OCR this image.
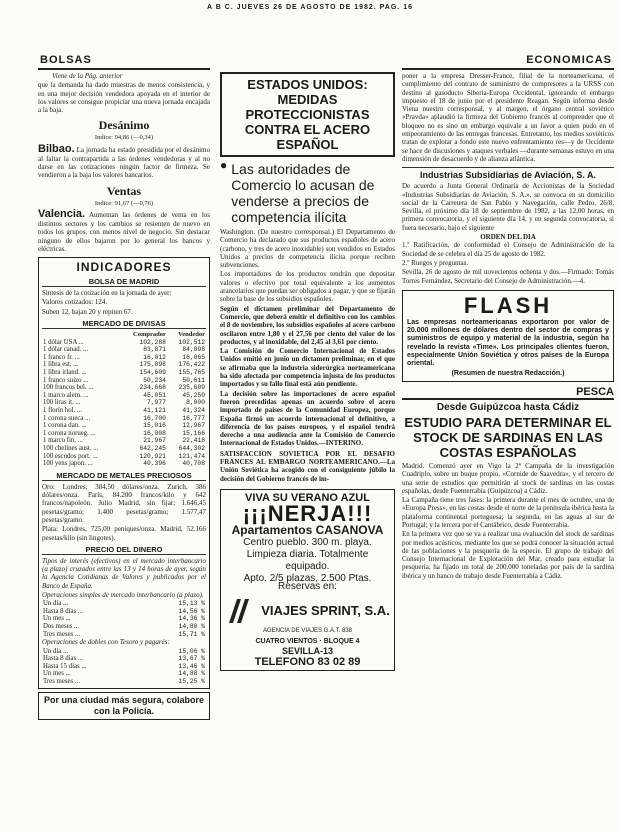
A B C. JUEVES 26 DE AGOSTO DE 1982. PAG. 16
BOLSAS	ECONOMICAS

Viene de la Pág. anterior

que la demanda ha dado muestras de menos consistencia, y en una mejor decisión vendedora apoyada en el interior de los valores se consigue propiciar una nueva jornada encajada a la baja.

Desánimo
Indice: 94,86 (—0,34)

Bilbao. La jornada ha estado presidida por el desánimo al faltar la contrapartida a las órdenes vendedoras y al no darse en las cotizaciones ningún factor de firmeza. Se vendieron a la baja los valores bancarios.

Ventas
Indice: 91,67 (—0,76)

Valencia. Aumentan las órdenes de venta en los distintos sectores y los cambios se resienten de nuevo en todos los grupos, con menos nivel de negocio. Sin destacar ninguno de ellos bajaron por lo general los bancos y eléctricas.

INDICADORES
BOLSA DE MADRID

Sintesis de la cotización en la jornada de ayer:

Valores cotizados: 124.

Suben 12, bajan 20 y repiten 67.

MERCADO DE DIVISAS
	Comprador	Vendedor
1 dólar USA ...	102,288	102,512
1 dólar canad. ...	83,871	84,098
1 franco fr. ...	16,012	16,065
1 libra est. ...	175,898	176,422
1 libra irland. ...	154,609	155,765
1 franco suizo ...	50,234	50,611
100 francos bel. ...	234,668	235,609
1 marco alem. ...	45,051	45,250
100 liras it. ...	7,977	8,000
1 florín hol. ...	41,121	41,324
1 corona sueca ...	16,700	16,777
1 corona dan. ...	15,016	12,967
1 corona norueg. ...	16,008	15,166
1 marco fin. ...	21,967	22,418
100 chelines aust. ...	642,245	644,302
100 escudos port. ...	120,921	121,474
100 yens japon. ...	40,396	40,708
MERCADO DE METALES PRECIOSOS

Oro: Londres, 384,50 dólares/onza. Zurich, 386 dólares/onza. París, 84.200 francos/kilo y 642 francos/napoleón. Julio Madrid, sin fijar; 1.646,45 pesetas/gramo; 1.400 pesetas/gramo; 1.577,47 pesetas/gramo.

Plata: Londres, 725,00 peniques/onza. Madrid, 52.166 pesetas/kilo (sin lingotes).

PRECIO DEL DINERO

Tipos de interés (efectivos) en el mercado interbancario (a plazo) cruzados entre las 13 y 14 horas de ayer, según la Agencia Cotidianas de Valores y publicados por el Banco de España.

Operaciones simples de mercado interbancario (a plazo).

Un día ...	15,13 %
Hasta 8 días ...	14,56 %
Un mes ...	14,36 %
Dos meses ...	14,80 %
Tres meses ...	15,71 %

Operaciones de dobles con Tesoro y pagarés:

Un día ...	15,06 %
Hasta 8 días ...	13,67 %
Hasta 15 días ...	13,46 %
Un mes ...	14,88 %
Tres meses ...	15,25 %
Por una ciudad más segura, colabore con la Policía.
ESTADOS UNIDOS: MEDIDAS PROTECCIONISTAS CONTRA EL ACERO ESPAÑOL
● Las autoridades de Comercio lo acusan de venderse a precios de competencia ilícita

Washington. (De nuestro corresponsal.) El Departamento de Comercio ha declarado que sus productos españoles de acero (carbono, y tres de acero inoxidable) son vendidos en Estados Unidos a precios de competencia ilícita porque reciben subvenciones.

Los importadores de los productos tendrán que depositar valores o efectivo por total equivalente a los aumentos arancelarios que puedan ser obligados a pagar, y que se fijarán sobre la base de los subsidios españoles.

Según el dictamen preliminar del Departamento de Comercio, que deberá emitir el definitivo con los cambios el 8 de noviembre, los subsidios españoles al acero carbono oscilaron entre 1,80 y el 27,56 por ciento del valor de los productos, y al inoxidable, del 2,45 al 3,61 por ciento.

La Comisión de Comercio Internacional de Estados Unidos emitió en junio un dictamen preliminar, en el que se afirmaba que la industria siderúrgica norteamericana ha sido afectada por competencia injusta de los productos importados y su fallo final está aún pendiente.

La decisión sobre las importaciones de acero español fueron precedidas apenas un acuerdo sobre el acero importado de países de la Comunidad Europea, porque España firmó un acuerdo internacional el definitivo, a diferencia de los países europeos, y el español tendrá derecho a una audiencia ante la Comisión de Comercio Internacional de Estados Unidos.—INTERINO.

SATISFACCION SOVIETICA POR EL DESAFIO FRANCES AL EMBARGO NORTEAMERICANO.—La Unión Soviética ha acogido con el consiguiente júbilo la decisión del Gobierno francés de im-

VIVA SU VERANO AZUL
¡¡¡NERJA!!!
Apartamentos CASANOVA
Centro pueblo. 300 m. playa. Limpieza diaria. Totalmente equipado.
Apto. 2/5 plazas, 2.500 Ptas.
Reservas en:
VIAJES SPRINT, S.A.
AGENCIA DE VIAJES G.A.T. 838
CUATRO VIENTOS · BLOQUE 4
SEVILLA-13
TELEFONO 83 02 89

poner a la empresa Dresser-France, filial de la norteamericana, el cumplimiento del contrato de suministro de compresores a la URSS con destino al gasoducto Siberia-Europa Occidental, ignorando el embargo impuesto el 18 de junio por el presidente Reagan. Según informa desde Viena nuestro corresponsal, y al margen, el órgano central soviético «Pravda» aplaudió la firmeza del Gobierno francés al comprender que el bloqueo no es sino un embargo equivale a un favor a quien pudo en el empeoramiento de las entregas francesas. Entretanto, los medios soviéticos tratan de explotar a fondo este nuevo enfrentamiento res—y de Occidente se hace de discusiones y ataques verbales —durante semanas estuvo en una dimensión de desacuerdo y de alianza atlántica.

Industrias Subsidiarias de Aviación, S. A.

De acuerdo a Junta General Ordinaria de Accionistas de la Sociedad «Industrias Subsidiarias de Aviación, S. A.», se convoca en su domicilio social de la Carretera de San Pablo y Navegación, calle Pedro, 26/8, Sevilla, el próximo día 18 de septiembre de 1982, a las 12,00 horas, en primera convocatoria, y el siguiente día 14, y en segunda convocatoria, si fuera necesario, bajo el siguiente

ORDEN DEL DIA

1.º Ratificación, de conformidad el Consejo de Administración de la Sociedad de se celebra el día 25 de agosto de 1982.

2.º Ruegos y preguntas.

Sevilla, 26 de agosto de mil novecientos ochenta y dos.—Firmado: Tomás Torres Fernández, Secretario del Consejo de Administración.—4.

FLASH

Las empresas norteamericanas exportaron por valor de 20.000 millones de dólares dentro del sector de compras y suministros de equipo y material de la industria, según ha revelado la revista «Time». Los principales clientes fueron, especialmente Unión Soviética y otros países de la Europa oriental.

(Resumen de nuestra Redacción.)

PESCA
Desde Guipúzcoa hasta Cádiz
ESTUDIO PARA DETERMINAR EL STOCK DE SARDINAS EN LAS COSTAS ESPAÑOLAS

Madrid. Comenzó ayer en Vigo la 2ª Campaña de la investigación Cuadriplo, sobre un buque propio, «Cornide de Saavedra», y el tercero de una serie de estudios que permitirán al stock de sardinas en las costas españolas, desde Fuenterrabía (Guipúzcoa) a Cádiz.

La Campaña tiene tres fases: la primera durante el mes de octubre, una de «Europa Press», en las costas desde el norte de la península ibérica hasta la plataforma continental portuguesa; la segunda, en las aguas al sur de Portugal; y la tercera por el Cantábrico, desde Fuenterrabía.

En la primera vez que se va a realizar una evaluación del stock de sardinas por medios acústicos, mediante los que se podrá conocer la situación actual de las poblaciones y la pesquería de la especie. El grupo de trabajo del Consejo Internacional de Explotación del Mar, creado para estudiar la pesquería, ha fijado un total de 200.000 toneladas por país de la sardina ibérica y un banco de trabajo desde Fuenterrabía a Cádiz.
